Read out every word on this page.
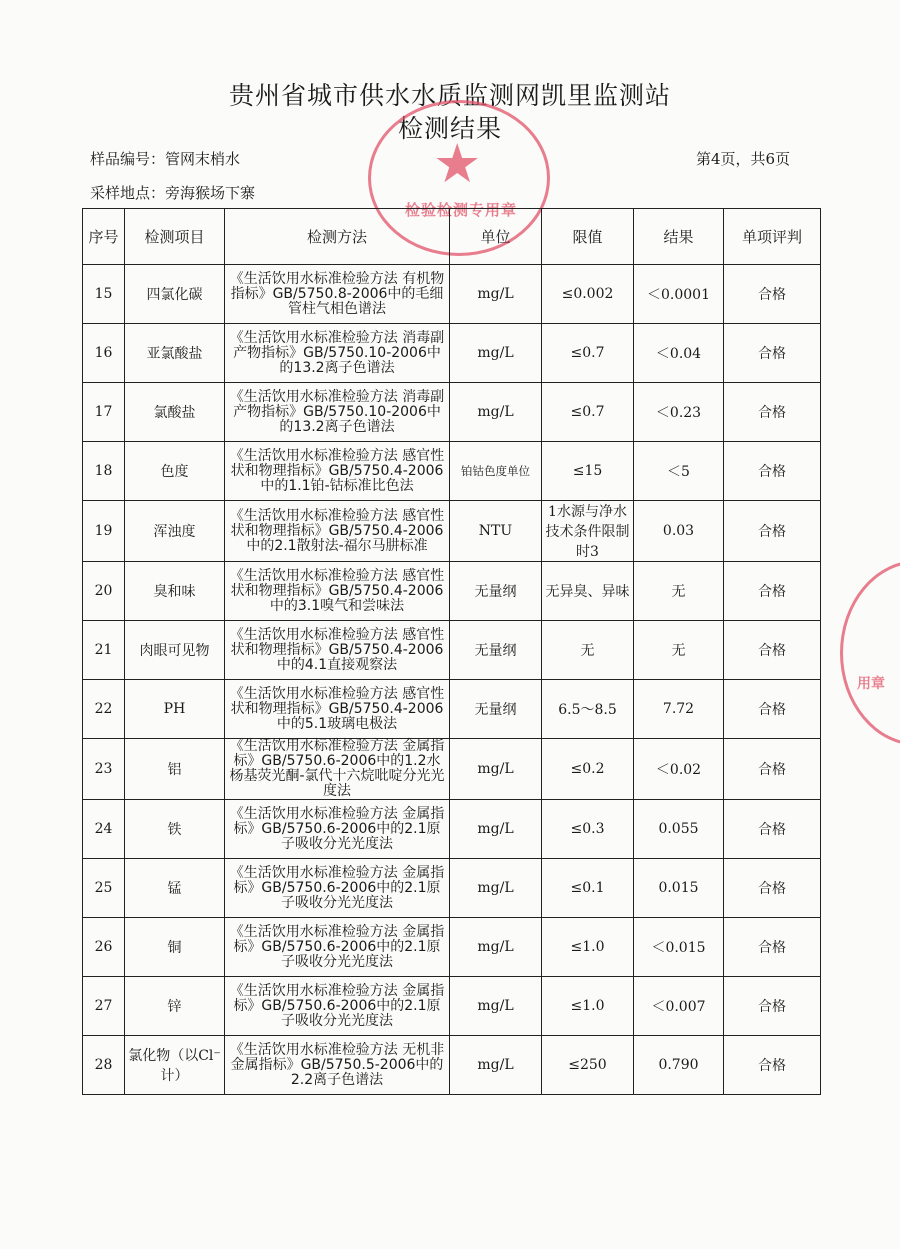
贵州省城市供水水质监测网凯里监测站
检测结果
样品编号：管网末梢水
采样地点：旁海猴场下寨
第4页，共6页
★
检验检测专用章
序号	检测项目	检测方法	单位	限值	结果	单项评判
15	四氯化碳	《生活饮用水标准检验方法 有机物指标》GB/5750.8-2006中的毛细管柱气相色谱法	mg/L	≤0.002	＜0.0001	合格
16	亚氯酸盐	《生活饮用水标准检验方法 消毒副产物指标》GB/5750.10-2006中的13.2离子色谱法	mg/L	≤0.7	＜0.04	合格
17	氯酸盐	《生活饮用水标准检验方法 消毒副产物指标》GB/5750.10-2006中的13.2离子色谱法	mg/L	≤0.7	＜0.23	合格
18	色度	《生活饮用水标准检验方法 感官性状和物理指标》GB/5750.4-2006中的1.1铂-钴标准比色法	铂钴色度单位	≤15	＜5	合格
19	浑浊度	《生活饮用水标准检验方法 感官性状和物理指标》GB/5750.4-2006中的2.1散射法-福尔马肼标准	NTU	1水源与净水技术条件限制时3	0.03	合格
20	臭和味	《生活饮用水标准检验方法 感官性状和物理指标》GB/5750.4-2006中的3.1嗅气和尝味法	无量纲	无异臭、异味	无	合格
21	肉眼可见物	《生活饮用水标准检验方法 感官性状和物理指标》GB/5750.4-2006中的4.1直接观察法	无量纲	无	无	合格
22	PH	《生活饮用水标准检验方法 感官性状和物理指标》GB/5750.4-2006中的5.1玻璃电极法	无量纲	6.5～8.5	7.72	合格
23	铝	《生活饮用水标准检验方法 金属指标》GB/5750.6-2006中的1.2水杨基荧光酮-氯代十六烷吡啶分光光度法	mg/L	≤0.2	＜0.02	合格
24	铁	《生活饮用水标准检验方法 金属指标》GB/5750.6-2006中的2.1原子吸收分光光度法	mg/L	≤0.3	0.055	合格
25	锰	《生活饮用水标准检验方法 金属指标》GB/5750.6-2006中的2.1原子吸收分光光度法	mg/L	≤0.1	0.015	合格
26	铜	《生活饮用水标准检验方法 金属指标》GB/5750.6-2006中的2.1原子吸收分光光度法	mg/L	≤1.0	＜0.015	合格
27	锌	《生活饮用水标准检验方法 金属指标》GB/5750.6-2006中的2.1原子吸收分光光度法	mg/L	≤1.0	＜0.007	合格
28	氯化物（以Cl⁻计）	《生活饮用水标准检验方法 无机非金属指标》GB/5750.5-2006中的2.2离子色谱法	mg/L	≤250	0.790	合格
用章
